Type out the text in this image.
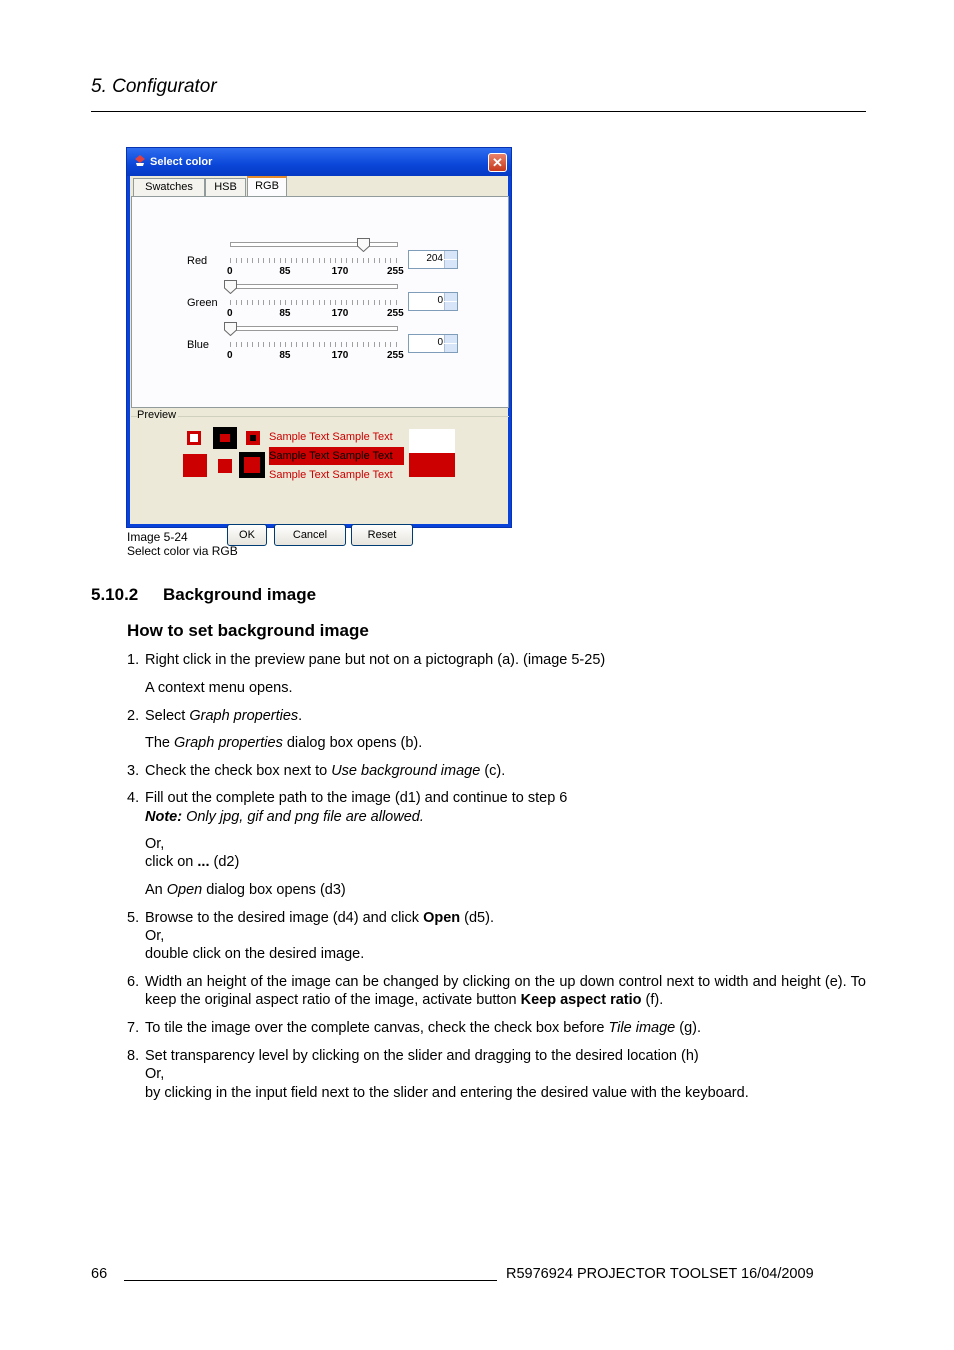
5. Configurator
Select color	✕
Swatches	HSB	RGB
Red
0	85	170	255
204
Green
0	85	170	255
0
Blue
0	85	170	255
0
Preview
Sample Text Sample Text
Sample Text Sample Text
Sample Text Sample Text
OK	Cancel	Reset
Image 5-24
Select color via RGB
5.10.2 Background image
How to set background image
1. Right click in the preview pane but not on a pictograph (a). (image 5-25)
A context menu opens.
2. Select Graph properties.
The Graph properties dialog box opens (b).
3. Check the check box next to Use background image (c).
4. Fill out the complete path to the image (d1) and continue to step 6
Note: Only jpg, gif and png file are allowed.
Or,
click on ... (d2)
An Open dialog box opens (d3)
5. Browse to the desired image (d4) and click Open (d5).
Or,
double click on the desired image.
6. Width an height of the image can be changed by clicking on the up down control next to width and height (e). To keep the original aspect ratio of the image, activate button Keep aspect ratio (f).
7. To tile the image over the complete canvas, check the check box before Tile image (g).
8. Set transparency level by clicking on the slider and dragging to the desired location (h)
Or,
by clicking in the input field next to the slider and entering the desired value with the keyboard.
66	R5976924 PROJECTOR TOOLSET 16/04/2009
